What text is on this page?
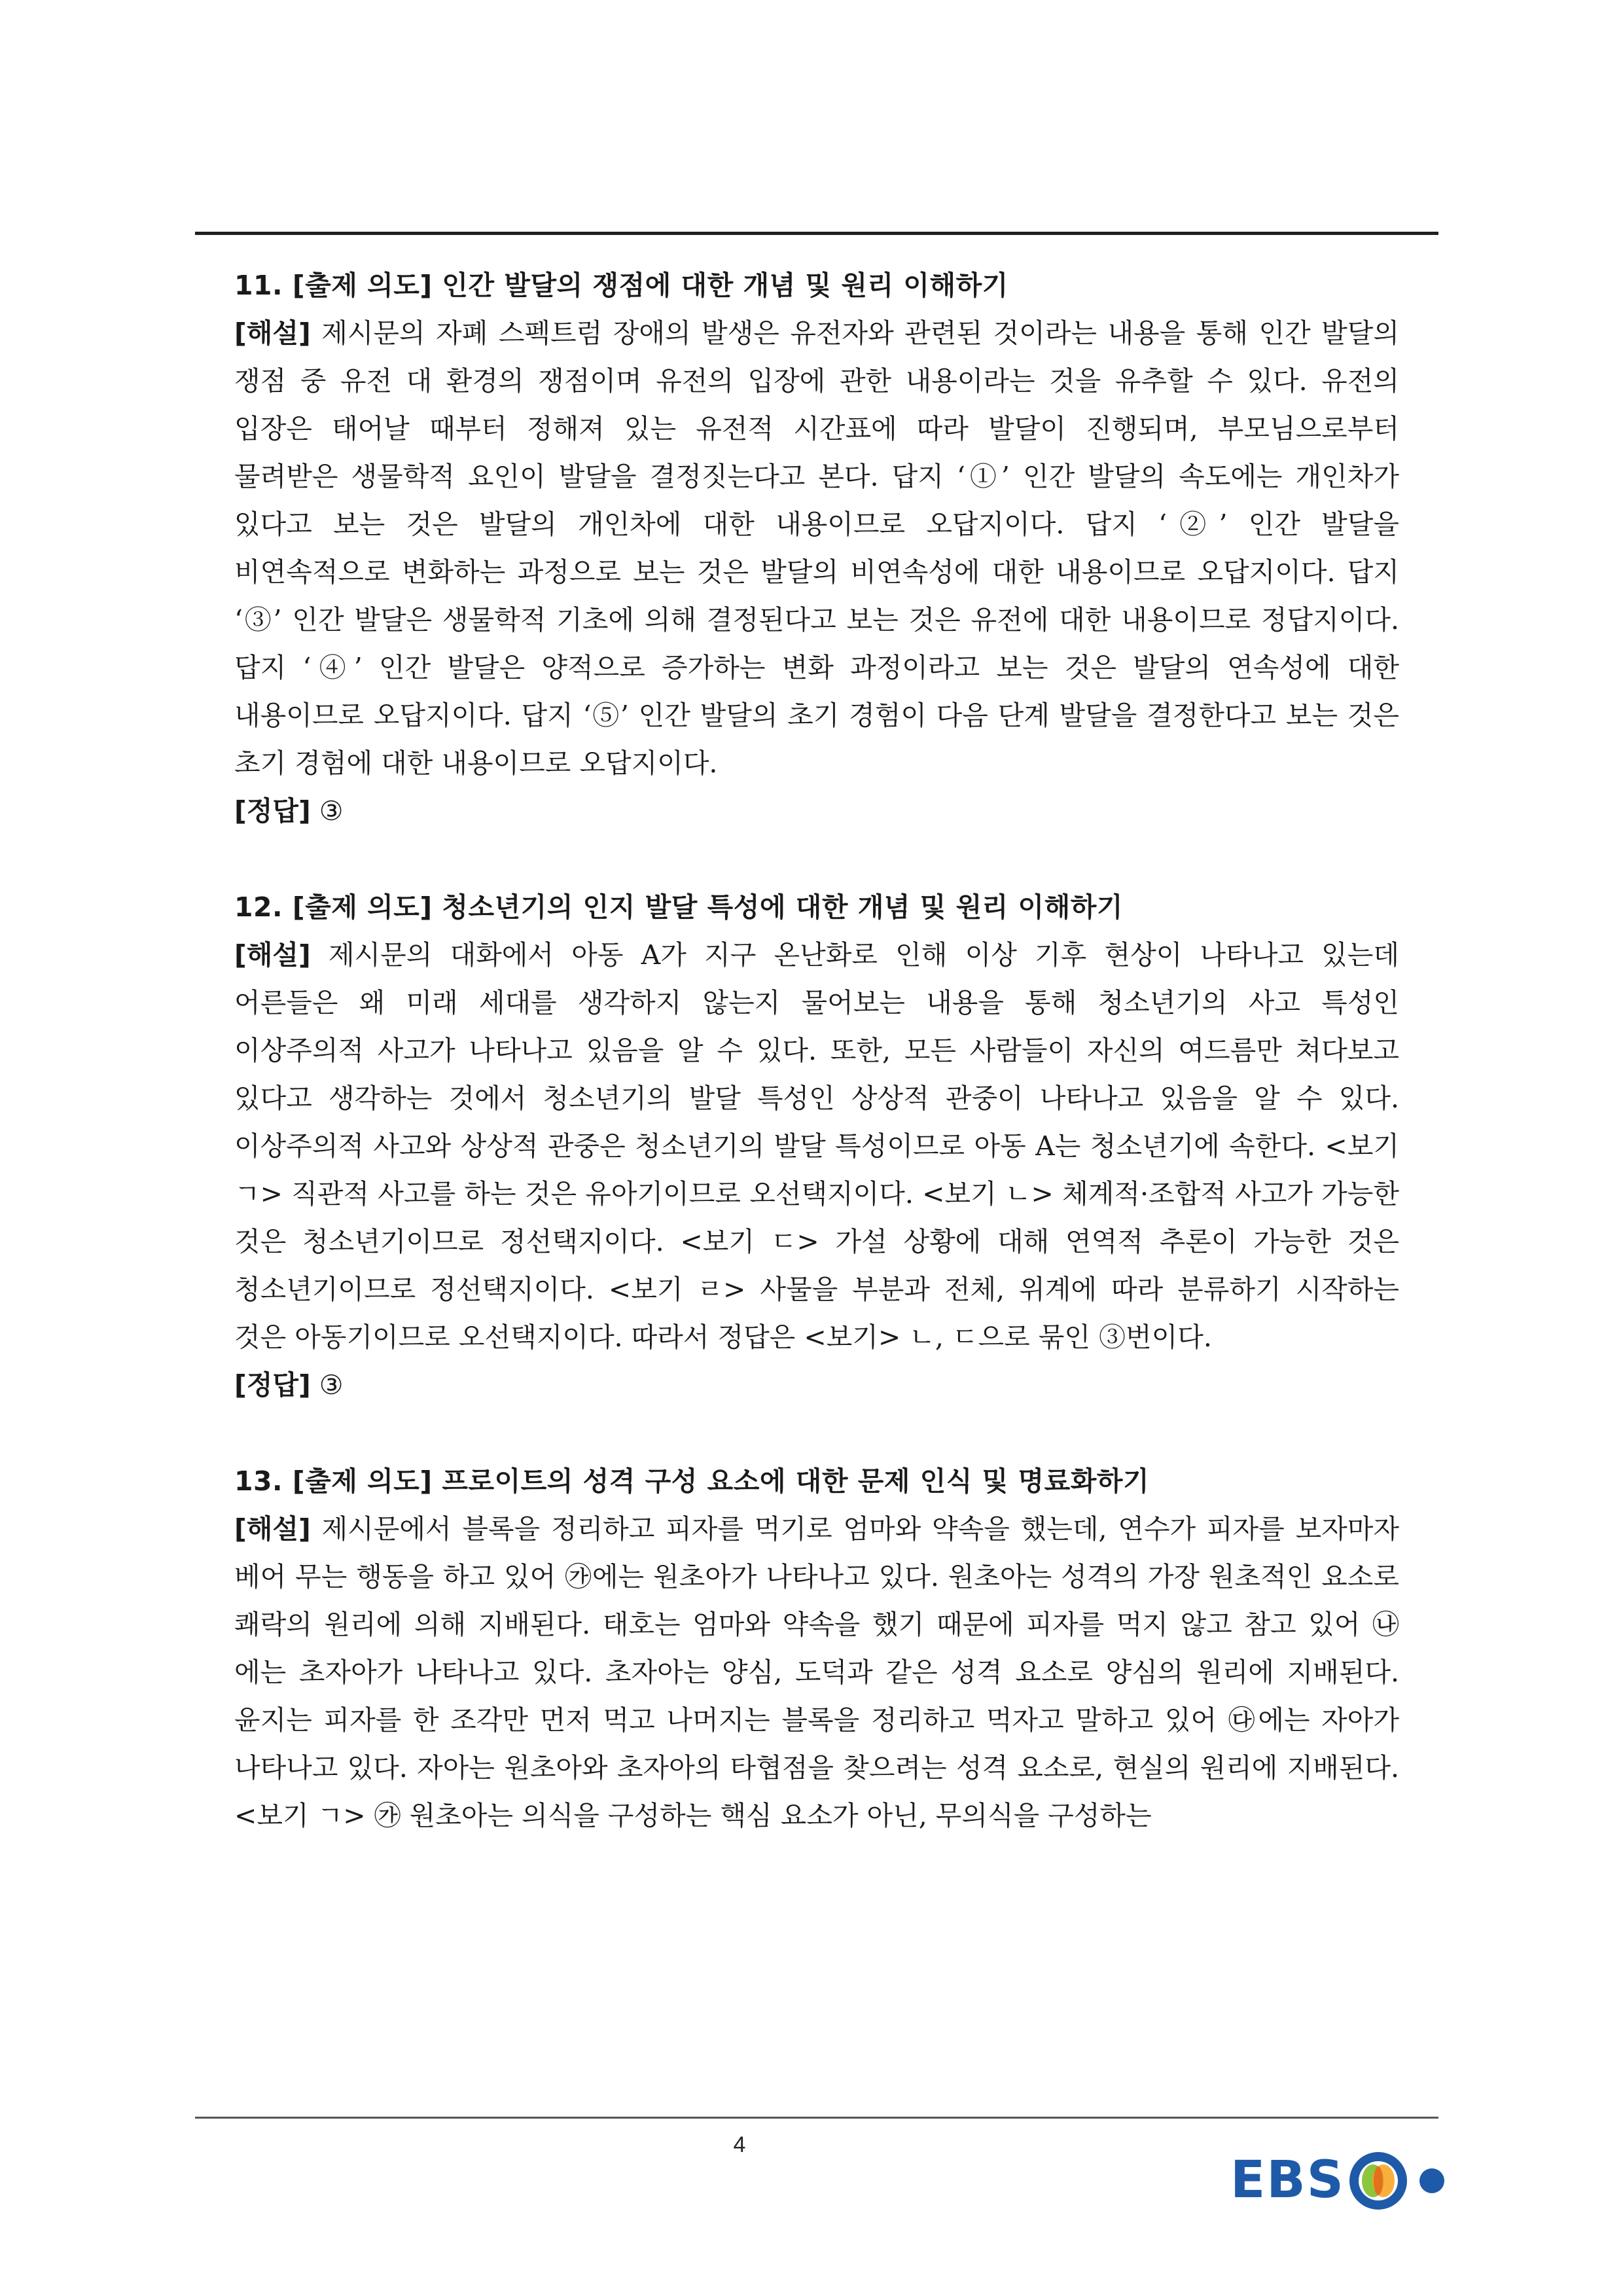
11. [출제 의도] 인간 발달의 쟁점에 대한 개념 및 원리 이해하기
[해설] 제시문의 자폐 스펙트럼 장애의 발생은 유전자와 관련된 것이라는 내용을 통해 인간 발달의 쟁점 중 유전 대 환경의 쟁점이며 유전의 입장에 관한 내용이라는 것을 유추할 수 있다. 유전의 입장은 태어날 때부터 정해져 있는 유전적 시간표에 따라 발달이 진행되며, 부모님으로부터 물려받은 생물학적 요인이 발달을 결정짓는다고 본다. 답지 ‘①’ 인간 발달의 속도에는 개인차가 있다고 보는 것은 발달의 개인차에 대한 내용이므로 오답지이다. 답지 ‘②’ 인간 발달을 비연속적으로 변화하는 과정으로 보는 것은 발달의 비연속성에 대한 내용이므로 오답지이다. 답지 ‘③’ 인간 발달은 생물학적 기초에 의해 결정된다고 보는 것은 유전에 대한 내용이므로 정답지이다. 답지 ‘④’ 인간 발달은 양적으로 증가하는 변화 과정이라고 보는 것은 발달의 연속성에 대한 내용이므로 오답지이다. 답지 ‘⑤’ 인간 발달의 초기 경험이 다음 단계 발달을 결정한다고 보는 것은 초기 경험에 대한 내용이므로 오답지이다.
[정답] ③
12. [출제 의도] 청소년기의 인지 발달 특성에 대한 개념 및 원리 이해하기
[해설] 제시문의 대화에서 아동 A가 지구 온난화로 인해 이상 기후 현상이 나타나고 있는데 어른들은 왜 미래 세대를 생각하지 않는지 물어보는 내용을 통해 청소년기의 사고 특성인 이상주의적 사고가 나타나고 있음을 알 수 있다. 또한, 모든 사람들이 자신의 여드름만 쳐다보고 있다고 생각하는 것에서 청소년기의 발달 특성인 상상적 관중이 나타나고 있음을 알 수 있다. 이상주의적 사고와 상상적 관중은 청소년기의 발달 특성이므로 아동 A는 청소년기에 속한다. <보기 ㄱ> 직관적 사고를 하는 것은 유아기이므로 오선택지이다. <보기 ㄴ> 체계적·조합적 사고가 가능한 것은 청소년기이므로 정선택지이다. <보기 ㄷ> 가설 상황에 대해 연역적 추론이 가능한 것은 청소년기이므로 정선택지이다. <보기 ㄹ> 사물을 부분과 전체, 위계에 따라 분류하기 시작하는 것은 아동기이므로 오선택지이다. 따라서 정답은 <보기> ㄴ, ㄷ으로 묶인 ③번이다.
[정답] ③
13. [출제 의도] 프로이트의 성격 구성 요소에 대한 문제 인식 및 명료화하기
[해설] 제시문에서 블록을 정리하고 피자를 먹기로 엄마와 약속을 했는데, 연수가 피자를 보자마자 베어 무는 행동을 하고 있어 ㉮에는 원초아가 나타나고 있다. 원초아는 성격의 가장 원초적인 요소로 쾌락의 원리에 의해 지배된다. 태호는 엄마와 약속을 했기 때문에 피자를 먹지 않고 참고 있어 ㉯에는 초자아가 나타나고 있다. 초자아는 양심, 도덕과 같은 성격 요소로 양심의 원리에 지배된다. 윤지는 피자를 한 조각만 먼저 먹고 나머지는 블록을 정리하고 먹자고 말하고 있어 ㉰에는 자아가 나타나고 있다. 자아는 원초아와 초자아의 타협점을 찾으려는 성격 요소로, 현실의 원리에 지배된다. <보기 ㄱ> ㉮ 원초아는 의식을 구성하는 핵심 요소가 아닌, 무의식을 구성하는
4
EBS
